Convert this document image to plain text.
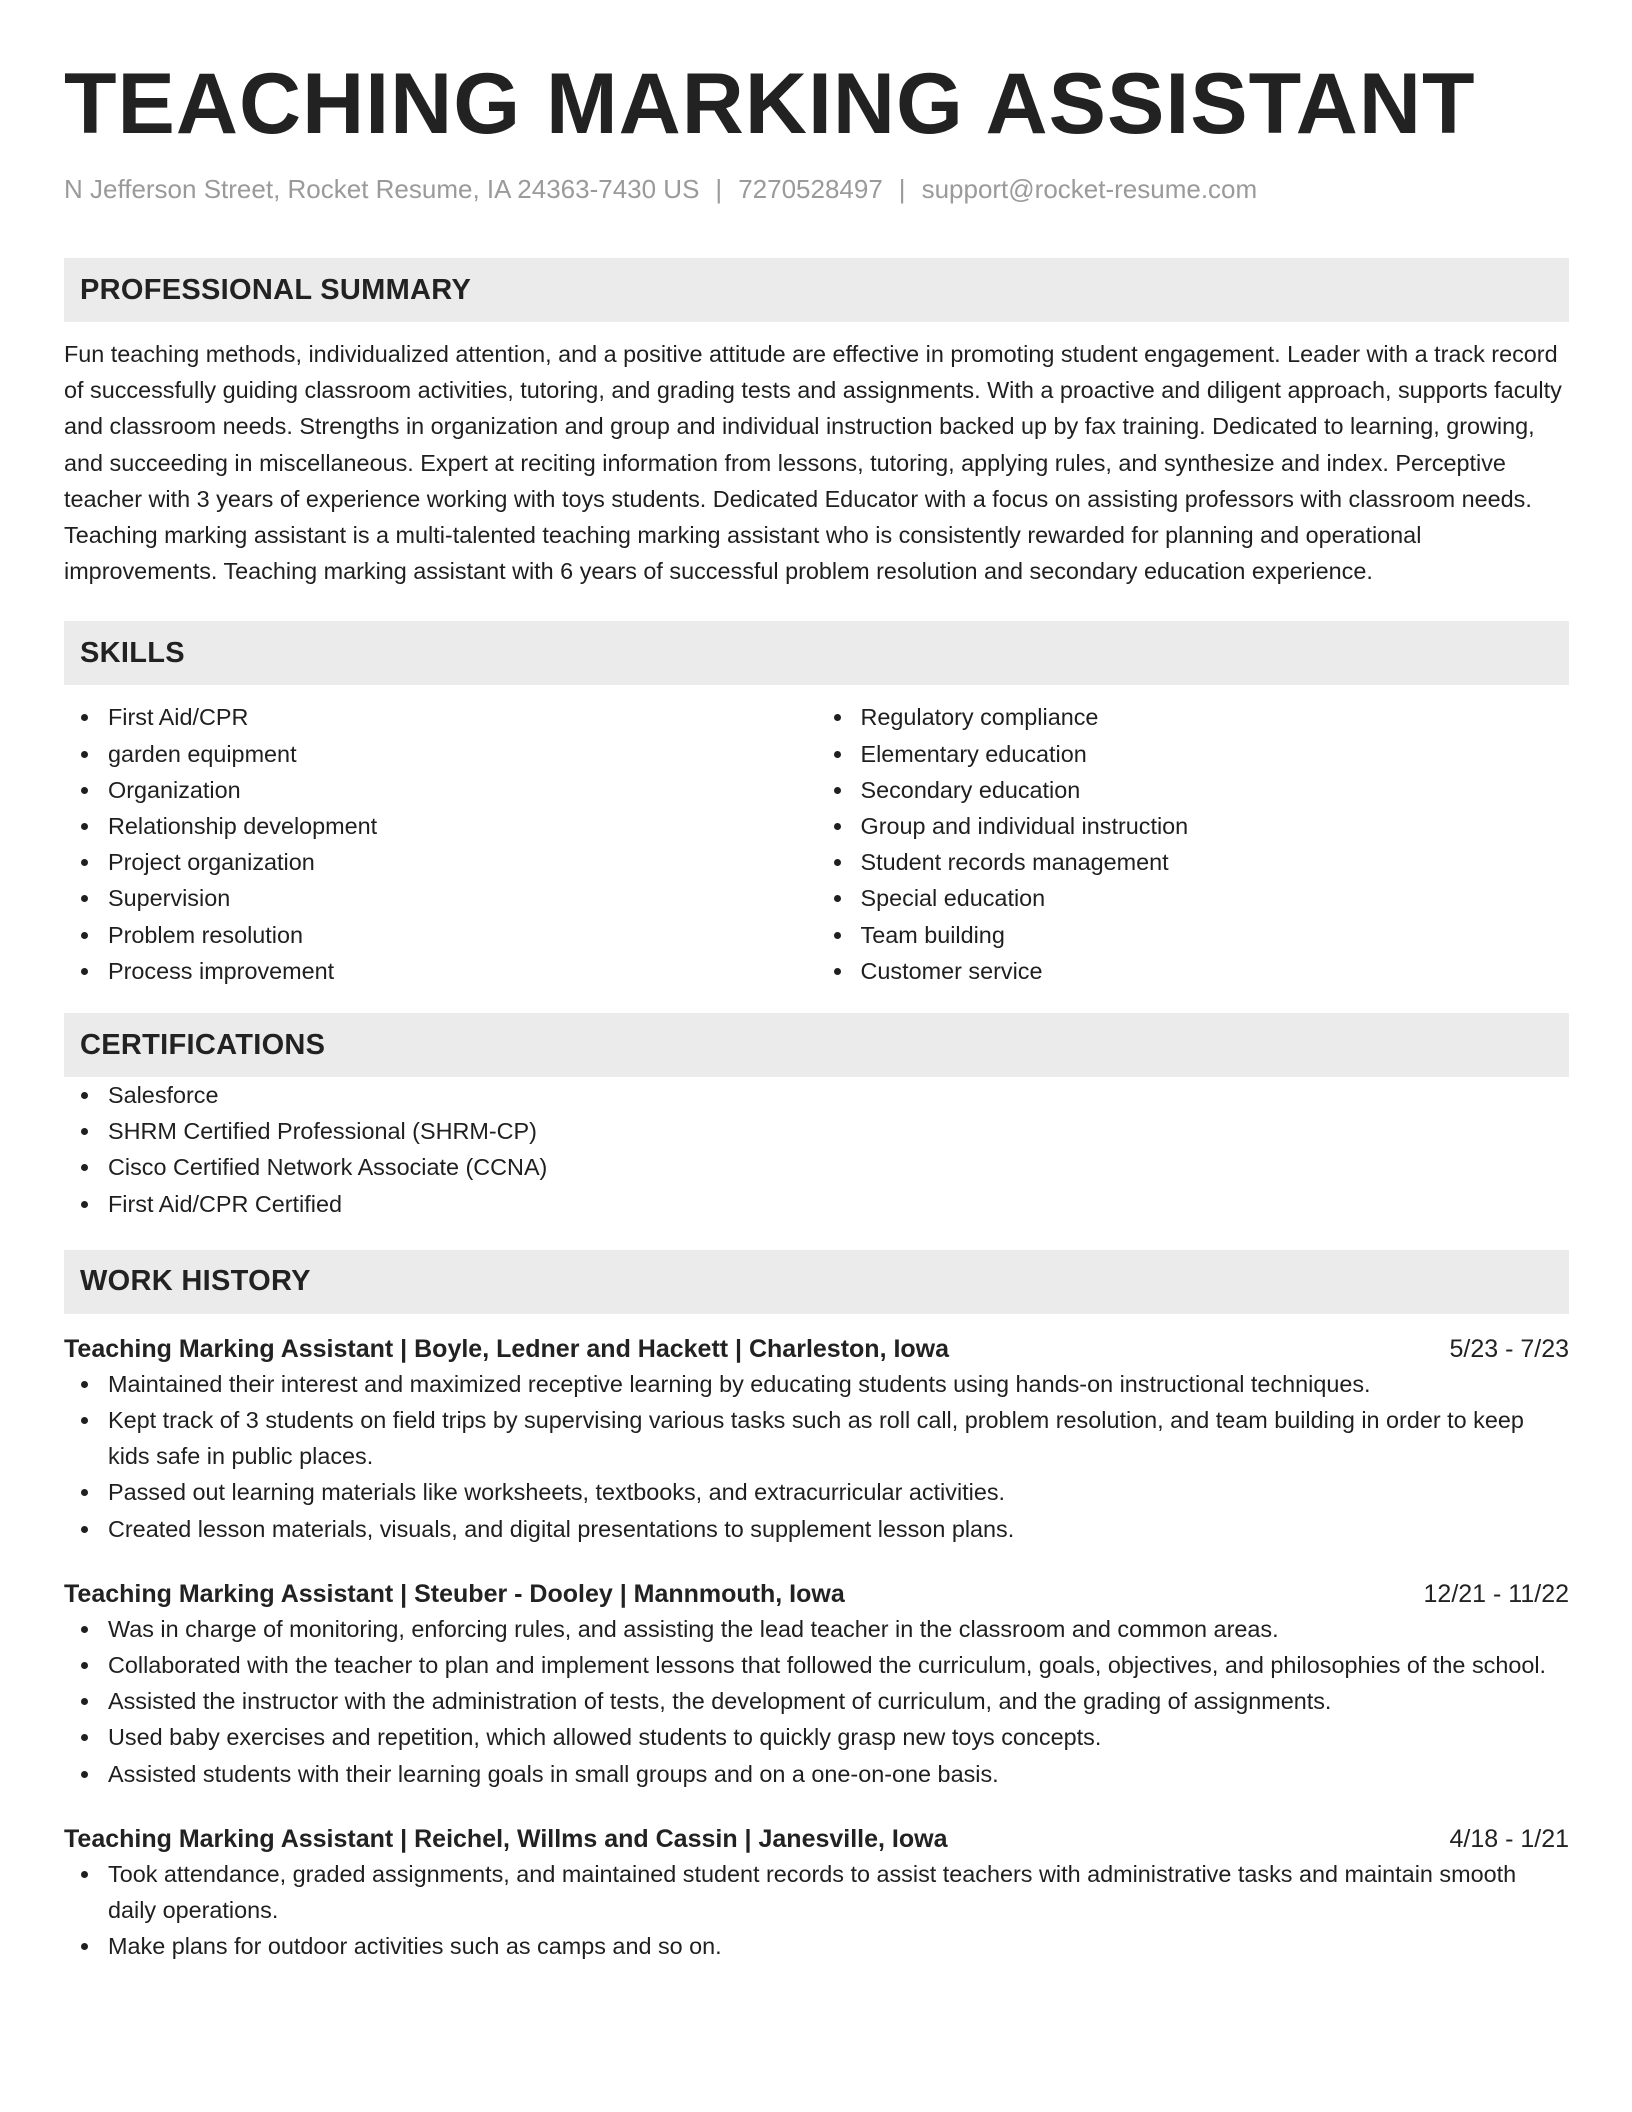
TEACHING MARKING ASSISTANT
N Jefferson Street, Rocket Resume, IA 24363-7430 US | 7270528497 | support@rocket-resume.com
PROFESSIONAL SUMMARY

Fun teaching methods, individualized attention, and a positive attitude are effective in promoting student engagement. Leader with a track record of successfully guiding classroom activities, tutoring, and grading tests and assignments. With a proactive and diligent approach, supports faculty and classroom needs. Strengths in organization and group and individual instruction backed up by fax training. Dedicated to learning, growing, and succeeding in miscellaneous. Expert at reciting information from lessons, tutoring, applying rules, and synthesize and index. Perceptive teacher with 3 years of experience working with toys students. Dedicated Educator with a focus on assisting professors with classroom needs. Teaching marking assistant is a multi-talented teaching marking assistant who is consistently rewarded for planning and operational improvements. Teaching marking assistant with 6 years of successful problem resolution and secondary education experience.

SKILLS
First Aid/CPR
garden equipment
Organization
Relationship development
Project organization
Supervision
Problem resolution
Process improvement
Regulatory compliance
Elementary education
Secondary education
Group and individual instruction
Student records management
Special education
Team building
Customer service
CERTIFICATIONS
Salesforce
SHRM Certified Professional (SHRM-CP)
Cisco Certified Network Associate (CCNA)
First Aid/CPR Certified
WORK HISTORY
Teaching Marking Assistant | Boyle, Ledner and Hackett | Charleston, Iowa	5/23 - 7/23
Maintained their interest and maximized receptive learning by educating students using hands-on instructional techniques.
Kept track of 3 students on field trips by supervising various tasks such as roll call, problem resolution, and team building in order to keep kids safe in public places.
Passed out learning materials like worksheets, textbooks, and extracurricular activities.
Created lesson materials, visuals, and digital presentations to supplement lesson plans.
Teaching Marking Assistant | Steuber - Dooley | Mannmouth, Iowa	12/21 - 11/22
Was in charge of monitoring, enforcing rules, and assisting the lead teacher in the classroom and common areas.
Collaborated with the teacher to plan and implement lessons that followed the curriculum, goals, objectives, and philosophies of the school.
Assisted the instructor with the administration of tests, the development of curriculum, and the grading of assignments.
Used baby exercises and repetition, which allowed students to quickly grasp new toys concepts.
Assisted students with their learning goals in small groups and on a one-on-one basis.
Teaching Marking Assistant | Reichel, Willms and Cassin | Janesville, Iowa	4/18 - 1/21
Took attendance, graded assignments, and maintained student records to assist teachers with administrative tasks and maintain smooth daily operations.
Make plans for outdoor activities such as camps and so on.
